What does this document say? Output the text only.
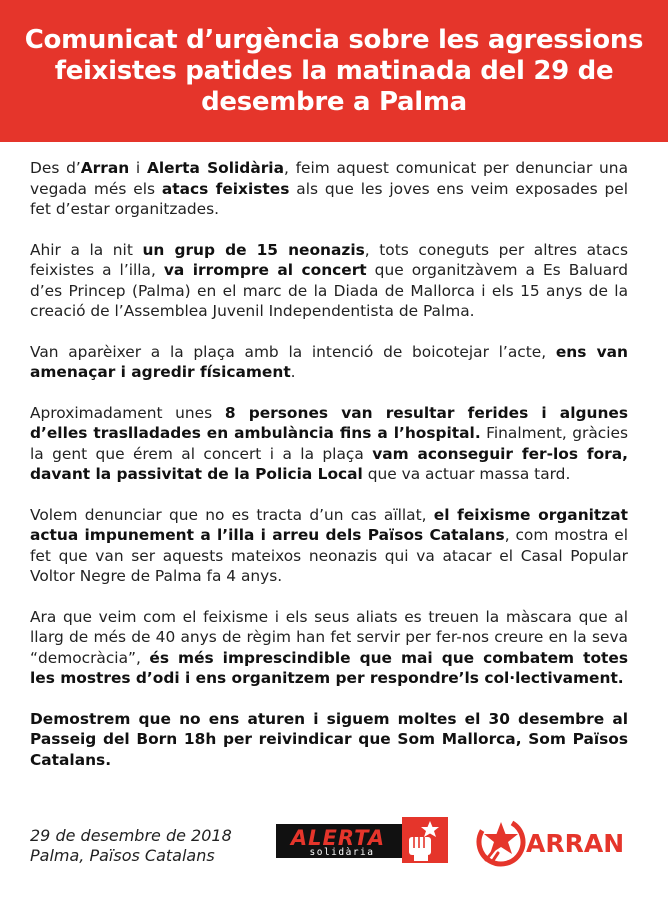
Comunicat d’urgència sobre les agressions feixistes patides la matinada del 29 de desembre a Palma

Des d’Arran i Alerta Solidària, feim aquest comunicat per denunciar una vegada més els atacs feixistes als que les joves ens veim exposades pel fet d’estar organitzades.

Ahir a la nit un grup de 15 neonazis, tots coneguts per altres atacs feixistes a l’illa, va irrompre al concert que organitzàvem a Es Baluard d’es Princep (Palma) en el marc de la Diada de Mallorca i els 15 anys de la creació de l’Assemblea Juvenil Independentista de Palma.

Van aparèixer a la plaça amb la intenció de boicotejar l’acte, ens van amenaçar i agredir físicament.

Aproximadament unes 8 persones van resultar ferides i algunes d’elles traslladades en ambulància fins a l’hospital. Finalment, gràcies la gent que érem al concert i a la plaça vam aconseguir fer-los fora, davant la passivitat de la Policia Local que va actuar massa tard.

Volem denunciar que no es tracta d’un cas aïllat, el feixisme organitzat actua impunement a l’illa i arreu dels Països Catalans, com mostra el fet que van ser aquests mateixos neonazis qui va atacar el Casal Popular Voltor Negre de Palma fa 4 anys.

Ara que veim com el feixisme i els seus aliats es treuen la màscara que al llarg de més de 40 anys de règim han fet servir per fer-nos creure en la seva “democràcia”, és més imprescindible que mai que combatem totes les mostres d’odi i ens organitzem per respondre’ls col·lectivament.

Demostrem que no ens aturen i siguem moltes el 30 desembre al Passeig del Born 18h per reivindicar que Som Mallorca, Som Països Catalans.

29 de desembre de 2018
Palma, Països Catalans
ALERTA
solidària	ARRAN
